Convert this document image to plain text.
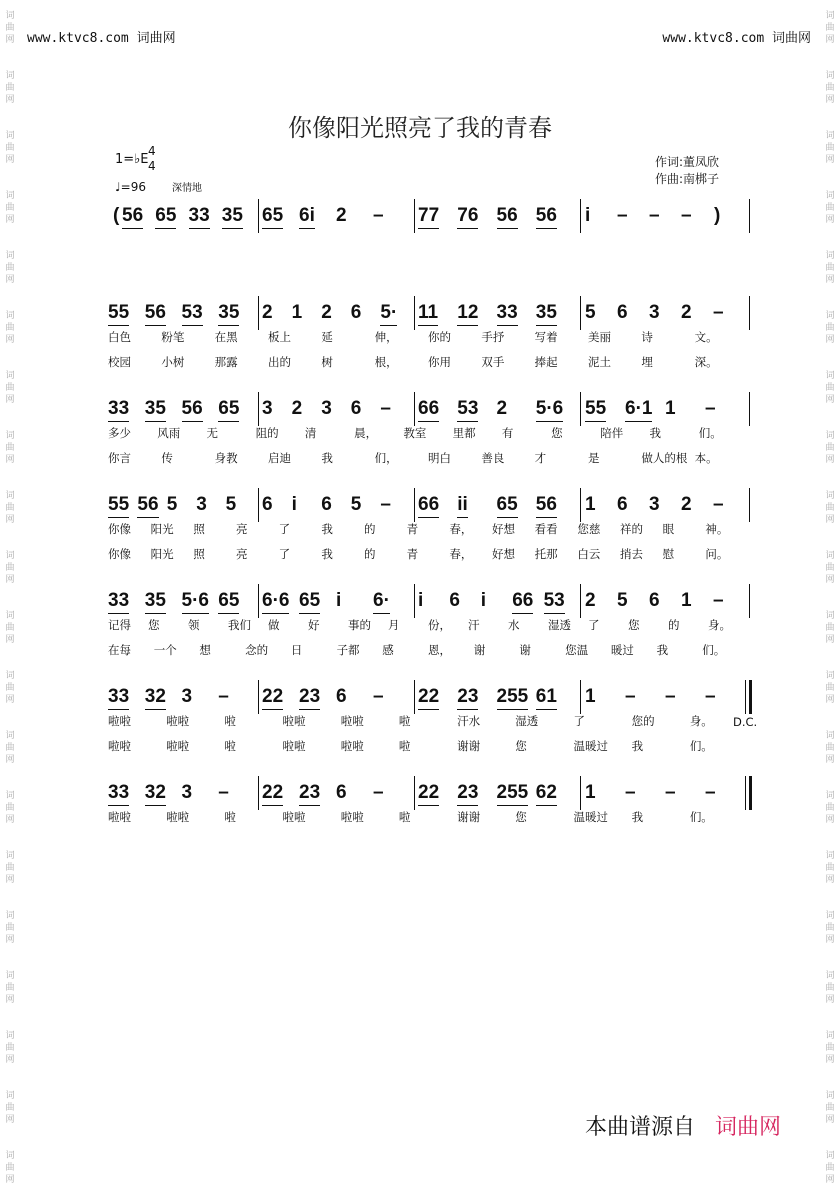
www.ktvc8.com 词曲网	www.ktvc8.com 词曲网
词
曲
网
词
曲
网
词
曲
网
词
曲
网
词
曲
网
词
曲
网
词
曲
网
词
曲
网
词
曲
网
词
曲
网
词
曲
网
词
曲
网
词
曲
网
词
曲
网
词
曲
网
词
曲
网
词
曲
网
词
曲
网
词
曲
网
词
曲
网
词
曲
网
词
曲
网
词
曲
网
词
曲
网
词
曲
网
词
曲
网
词
曲
网
词
曲
网
词
曲
网
词
曲
网
词
曲
网
词
曲
网
词
曲
网
词
曲
网
词
曲
网
词
曲
网
词
曲
网
词
曲
网
词
曲
网
词
曲
网
你像阳光照亮了我的青春
1=♭E
4
4
♩=96	深情地
作词:董凤欣
作曲:南梆子
( 56 65 33 35 65 6i 2 – 77 76 56 56 i – – – )
55 56 53 35 2 1 2 6 5· 11 12 33 35 5 6 3 2 –
白色	粉笔	在黑	板上	延	伸，	你的	手抒	写着	美丽	诗	文。
校园	小树	那露	出的	树	根，	你用	双手	捧起	泥土	埋	深。
33 35 56 65 3 2 3 6 – 66 53 2 5·6 55 6·1 1 –
多少 风雨 无	阻的 清	晨， 教室 里都 有	您	陪伴 我	们。
你言	传	身教	启迪	我	们，	明白	善良	才	是	做人的根 本。
55 56 5 3 5 6 i 6 5 – 66 ii 65 56 1 6 3 2 –
你像 阳光 照	亮	了	我	的	青	春， 好想 看看 您慈 祥的 眼	神。
你像 阳光 照	亮	了	我	的	青	春， 好想 托那 白云 捎去 慰	问。
33 35 5·6 65 6·6 65 i 6· i 6 i 66 53 2 5 6 1 –
记得 您 领 我们 做 好 事的 月 份， 汗 水 湿透 了 您 的 身。
在每 一个 想	念的 日	子都 感	恩， 谢	谢	您温 暖过 我	们。
33 32 3 – 22 23 6 – 22 23 255 61 1 – – –
啦啦	啦啦	啦	啦啦	啦啦	啦	汗水	湿透	了	您的	身。
啦啦	啦啦	啦	啦啦	啦啦	啦	谢谢	您	温暖过 我	们。
D.C.
33 32 3 – 22 23 6 – 22 23 255 62 1 – – –
啦啦	啦啦	啦	啦啦	啦啦	啦	谢谢	您	温暖过 我	们。
本曲谱源自 词曲网
